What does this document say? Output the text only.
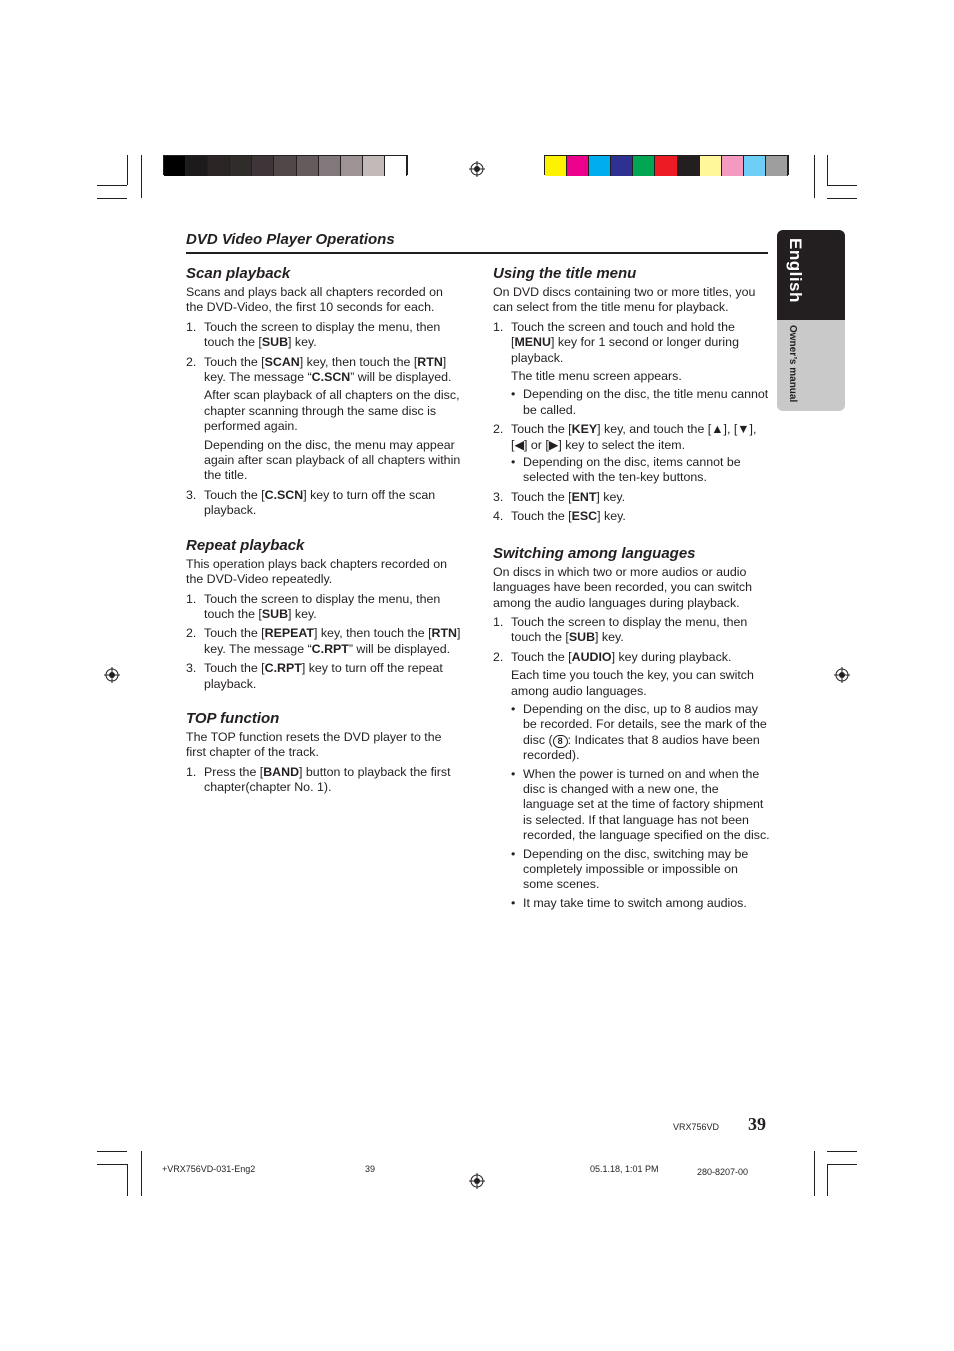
DVD Video Player Operations	English
Owner’s manual
Scan playback

Scans and plays back all chapters recorded on the DVD-Video, the first 10 seconds for each.

1. Touch the screen to display the menu, then touch the [SUB] key.
2. Touch the [SCAN] key, then touch the [RTN] key. The message “C.SCN” will be displayed.
After scan playback of all chapters on the disc, chapter scanning through the same disc is performed again.
Depending on the disc, the menu may appear again after scan playback of all chapters within the title.
3. Touch the [C.SCN] key to turn off the scan playback.
Repeat playback

This operation plays back chapters recorded on the DVD-Video repeatedly.

1. Touch the screen to display the menu, then touch the [SUB] key.
2. Touch the [REPEAT] key, then touch the [RTN] key. The message “C.RPT” will be displayed.
3. Touch the [C.RPT] key to turn off the repeat playback.
TOP function

The TOP function resets the DVD player to the first chapter of the track.

1. Press the [BAND] button to playback the first chapter(chapter No. 1).
Using the title menu

On DVD discs containing two or more titles, you can select from the title menu for playback.

1. Touch the screen and touch and hold the [MENU] key for 1 second or longer during playback.
The title menu screen appears.
• Depending on the disc, the title menu cannot be called.
2. Touch the [KEY] key, and touch the [▲], [▼], [◀] or [▶] key to select the item.
• Depending on the disc, items cannot be selected with the ten-key buttons.
3. Touch the [ENT] key.
4. Touch the [ESC] key.
Switching among languages

On discs in which two or more audios or audio languages have been recorded, you can switch among the audio languages during playback.

1. Touch the screen to display the menu, then touch the [SUB] key.
2. Touch the [AUDIO] key during playback.
Each time you touch the key, you can switch among audio languages.
• Depending on the disc, up to 8 audios may be recorded. For details, see the mark of the disc ( 8 : Indicates that 8 audios have been recorded).
• When the power is turned on and when the disc is changed with a new one, the language set at the time of factory shipment is selected. If that language has not been recorded, the language specified on the disc.
• Depending on the disc, switching may be completely impossible or impossible on some scenes.
• It may take time to switch among audios.
VRX756VD 39
+VRX756VD-031-Eng2	39	05.1.18, 1:01 PM	280-8207-00
